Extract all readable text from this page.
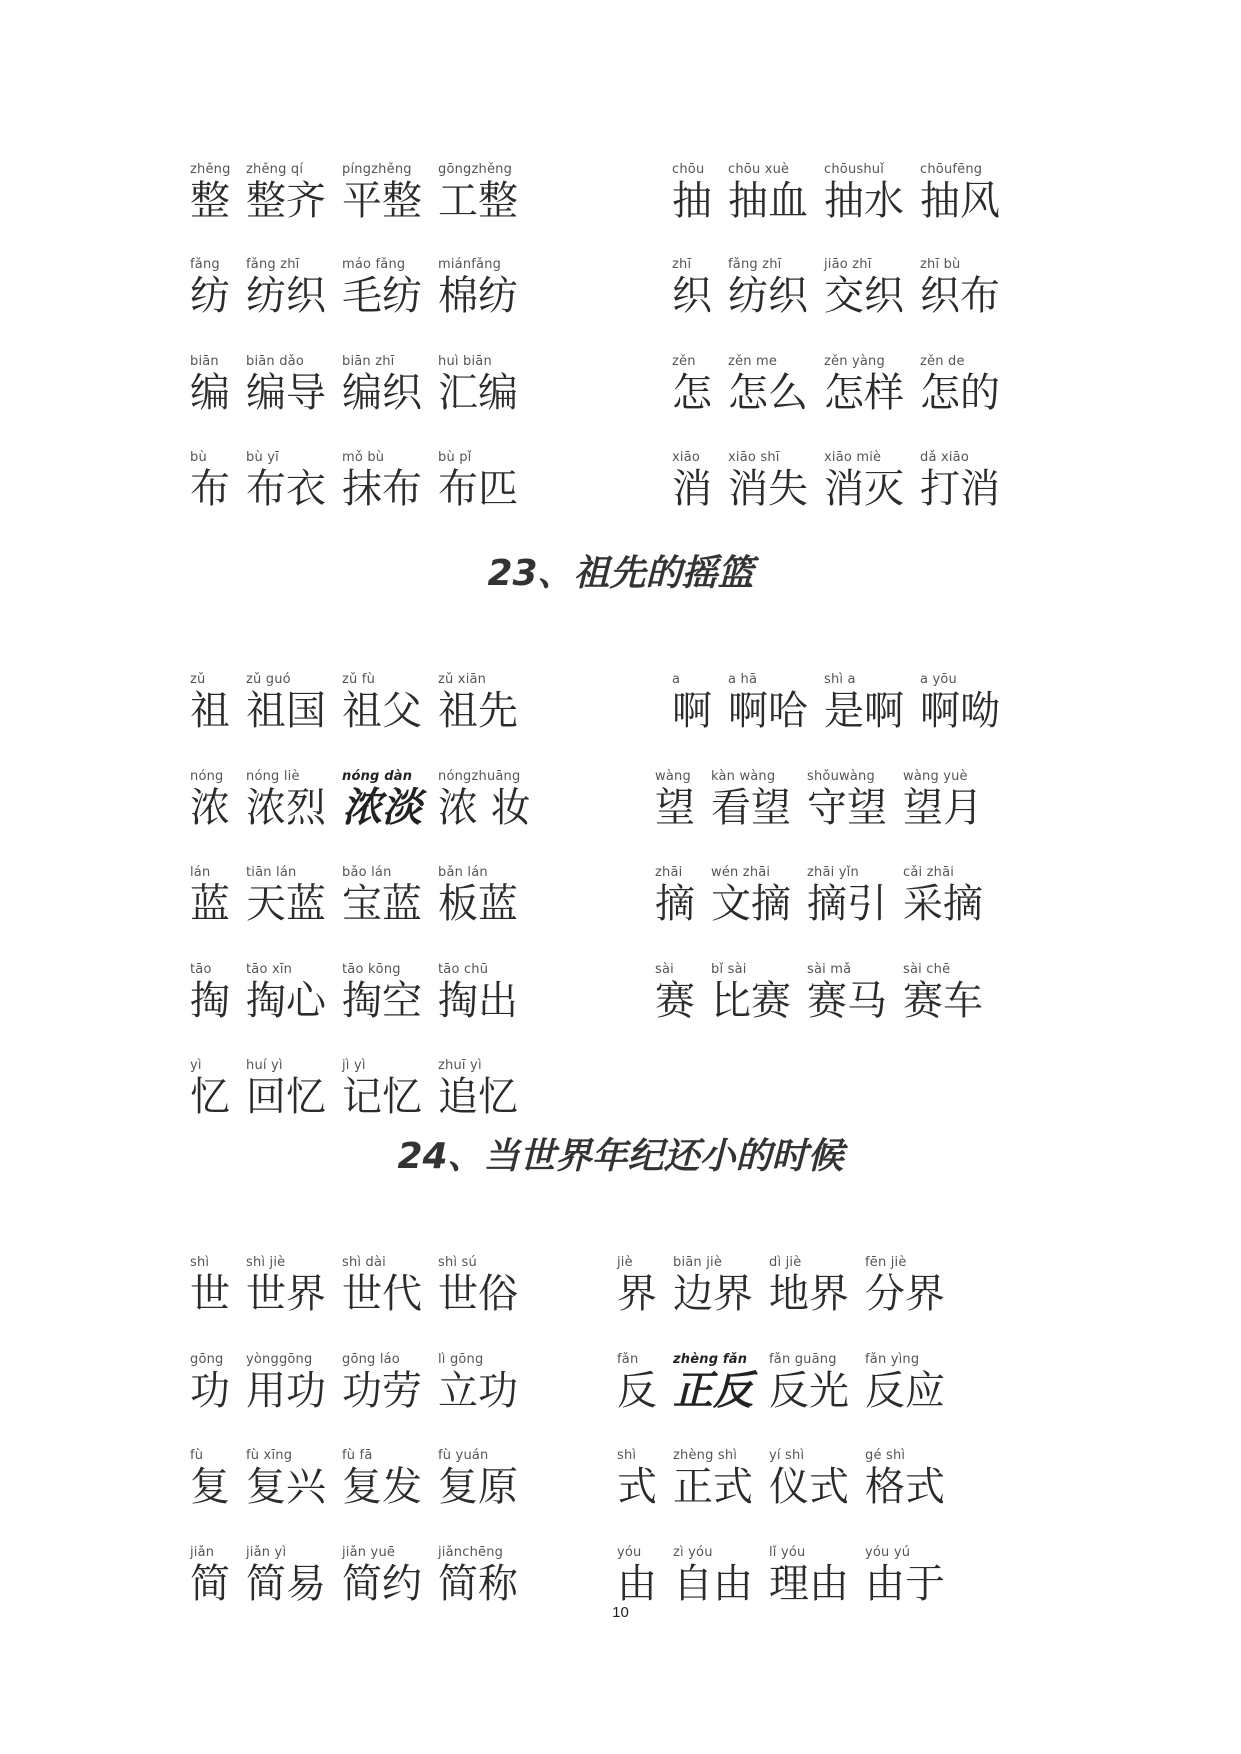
zhěng
整
zhěng qí
整齐
píngzhěng
平整
gōngzhěng
工整
chōu
抽
chōu xuè
抽血
chōushuǐ
抽水
chōufēng
抽风
fǎng
纺
fǎng zhī
纺织
máo fǎng
毛纺
miánfǎng
棉纺
zhī
织
fǎng zhī
纺织
jiāo zhī
交织
zhī bù
织布
biān
编
biān dǎo
编导
biān zhī
编织
huì biān
汇编
zěn
怎
zěn me
怎么
zěn yàng
怎样
zěn de
怎的
bù
布
bù yī
布衣
mǒ bù
抹布
bù pǐ
布匹
xiāo
消
xiāo shī
消失
xiāo miè
消灭
dǎ xiāo
打消
23、祖先的摇篮
zǔ
祖
zǔ guó
祖国
zǔ fù
祖父
zǔ xiān
祖先
a
啊
a hā
啊哈
shì a
是啊
a yōu
啊呦
nóng
浓
nóng liè
浓烈
nóng dàn
浓淡
nóngzhuāng
浓 妆
wàng
望
kàn wàng
看望
shǒuwàng
守望
wàng yuè
望月
lán
蓝
tiān lán
天蓝
bǎo lán
宝蓝
bǎn lán
板蓝
zhāi
摘
wén zhāi
文摘
zhāi yǐn
摘引
cǎi zhāi
采摘
tāo
掏
tāo xīn
掏心
tāo kōng
掏空
tāo chū
掏出
sài
赛
bǐ sài
比赛
sài mǎ
赛马
sài chē
赛车
yì
忆
huí yì
回忆
jì yì
记忆
zhuī yì
追忆
24、当世界年纪还小的时候
shì
世
shì jiè
世界
shì dài
世代
shì sú
世俗
jiè
界
biān jiè
边界
dì jiè
地界
fēn jiè
分界
gōng
功
yònggōng
用功
gōng láo
功劳
lì gōng
立功
fǎn
反
zhèng fǎn
正反
fǎn guāng
反光
fǎn yìng
反应
fù
复
fù xīng
复兴
fù fā
复发
fù yuán
复原
shì
式
zhèng shì
正式
yí shì
仪式
gé shì
格式
jiǎn
简
jiǎn yì
简易
jiǎn yuē
简约
jiǎnchēng
简称
yóu
由
zì yóu
自由
lǐ yóu
理由
yóu yú
由于
10
